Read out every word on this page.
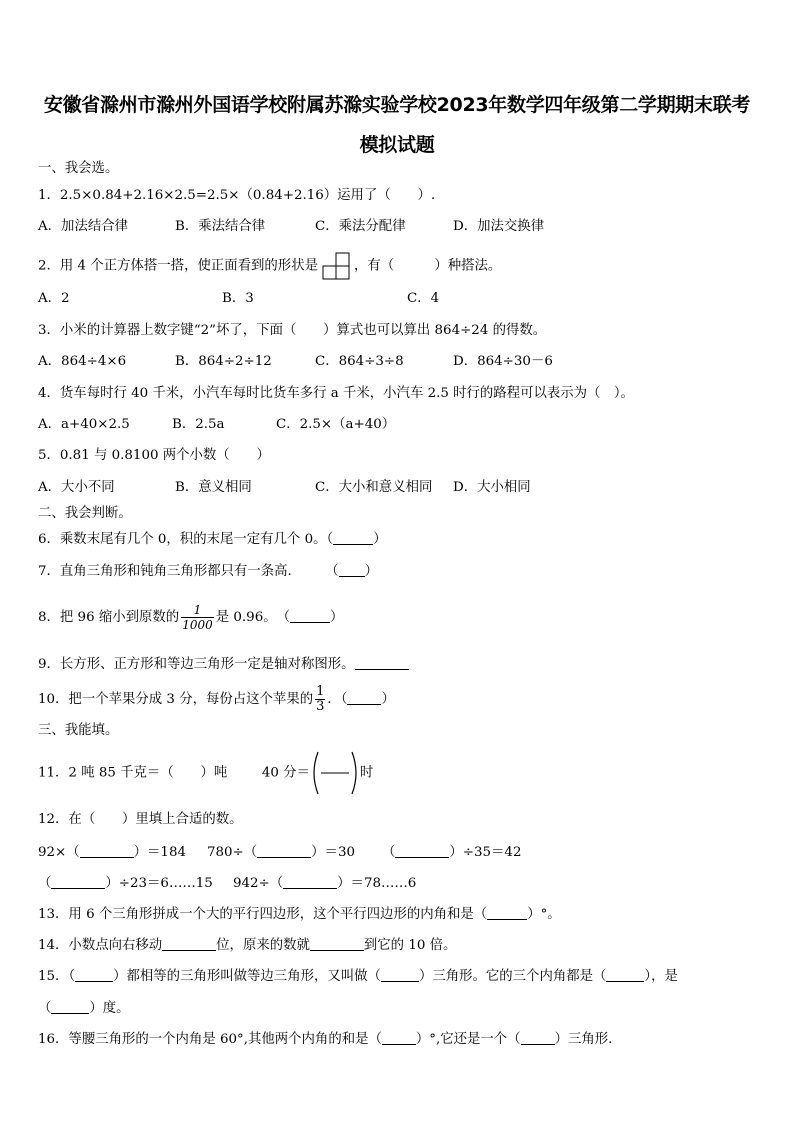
安徽省滁州市滁州外国语学校附属苏滁实验学校2023年数学四年级第二学期期末联考
模拟试题
一、我会选。
1．2.5×0.84+2.16×2.5=2.5×（0.84+2.16）运用了（　　）.
A．加法结合律	B．乘法结合律	C．乘法分配律	D．加法交换律
2．用 4 个正方体搭一搭，使正面看到的形状是	，有（　　　）种搭法。
A．2	B．3	C．4
3．小米的计算器上数字键“2”坏了，下面（　　）算式也可以算出 864÷24 的得数。
A．864÷4×6	B．864÷2÷12	C．864÷3÷8	D．864÷30－6
4．货车每时行 40 千米，小汽车每时比货车多行 a 千米，小汽车 2.5 时行的路程可以表示为（　）。
A．a+40×2.5	B．2.5a	C．2.5×（a+40）
5．0.81 与 0.8100 两个小数（　　）
A．大小不同	B．意义相同	C．大小和意义相同 D．大小相同
二、我会判断。
6．乘数末尾有几个 0，积的末尾一定有几个 0。（	）
7．直角三角形和钝角三角形都只有一条高.　　　（ ）
8．把 96 缩小到原数的 $\frac{1}{1000}$ 是 0.96。　（	）
9．长方形、正方形和等边三角形一定是轴对称图形。
10．把一个苹果分成 3 分，每份占这个苹果的 $\frac{1}{3}$ ．（	）
三、我能填。
11．2 吨 85 千克＝（　　）吨	40 分＝	时
12．在（　　）里填上合适的数。
92×（	）＝184 780÷（	）＝30 （	）÷35＝42
（	）÷23＝6……15 942÷（	）＝78……6
13．用 6 个三角形拼成一个大的平行四边形，这个平行四边形的内角和是（	）°。
14．小数点向右移动	位，原来的数就	到它的 10 倍。
15．（	）都相等的三角形叫做等边三角形，又叫做（	）三角形。它的三个内角都是（	），是
（	）度。
16．等腰三角形的一个内角是 60°,其他两个内角的和是（	）°,它还是一个（	）三角形.
